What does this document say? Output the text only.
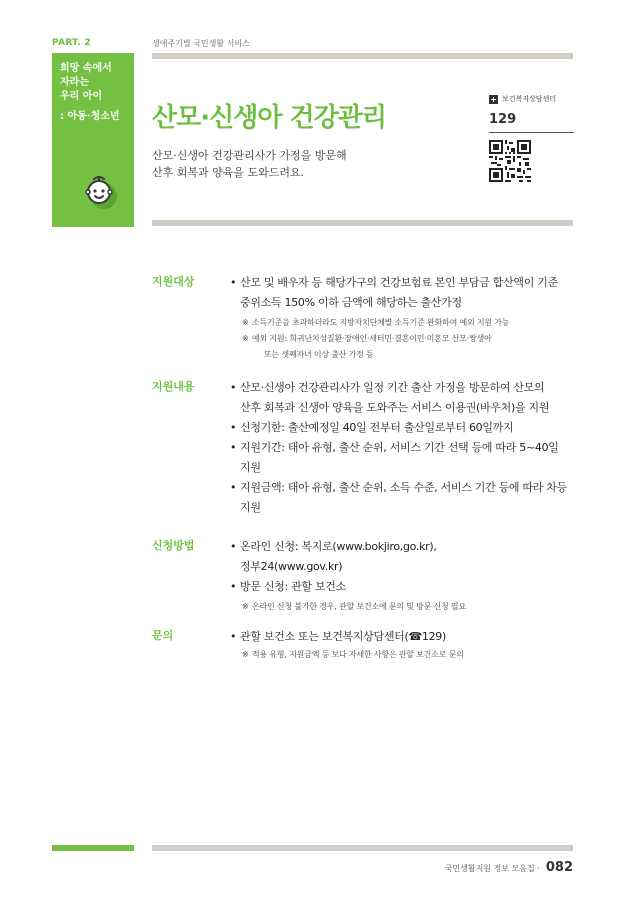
PART. 2	생애주기별 국민생활 서비스
희망 속에서
자라는
우리 아이
: 아동·청소년	산모·신생아 건강관리
산모·신생아 건강관리사가 가정을 방문해
산후 회복과 양육을 도와드려요.
+ 보건복지상담센터
129
지원대상	• 산모 및 배우자 등 해당가구의 건강보험료 본인 부담금 합산액이 기준
중위소득 150% 이하 금액에 해당하는 출산가정
※ 소득기준을 초과하더라도 지방자치단체별 소득기준 완화하여 예외 지원 가능
※ 예외 지원: 희귀난치성질환·장애인·새터민·결혼이민·미혼모 산모·쌍생아
또는 셋째자녀 이상 출산 가정 등
지원내용	• 산모·신생아 건강관리사가 일정 기간 출산 가정을 방문하여 산모의
산후 회복과 신생아 양육을 도와주는 서비스 이용권(바우처)을 지원
• 신청기한: 출산예정일 40일 전부터 출산일로부터 60일까지
• 지원기간: 태아 유형, 출산 순위, 서비스 기간 선택 등에 따라 5~40일
지원
• 지원금액: 태아 유형, 출산 순위, 소득 수준, 서비스 기간 등에 따라 차등
지원
신청방법	• 온라인 신청: 복지로(www.bokjiro,go.kr),
정부24(www.gov.kr)
• 방문 신청: 관할 보건소
※ 온라인 신청 불가한 경우, 관할 보건소에 문의 및 방문 신청 필요
문의	• 관할 보건소 또는 보건복지상담센터(☎129)
※ 적용 유형, 지원금액 등 보다 자세한 사항은 관할 보건소로 문의
국민생활지원 정보 모음집 · 082
